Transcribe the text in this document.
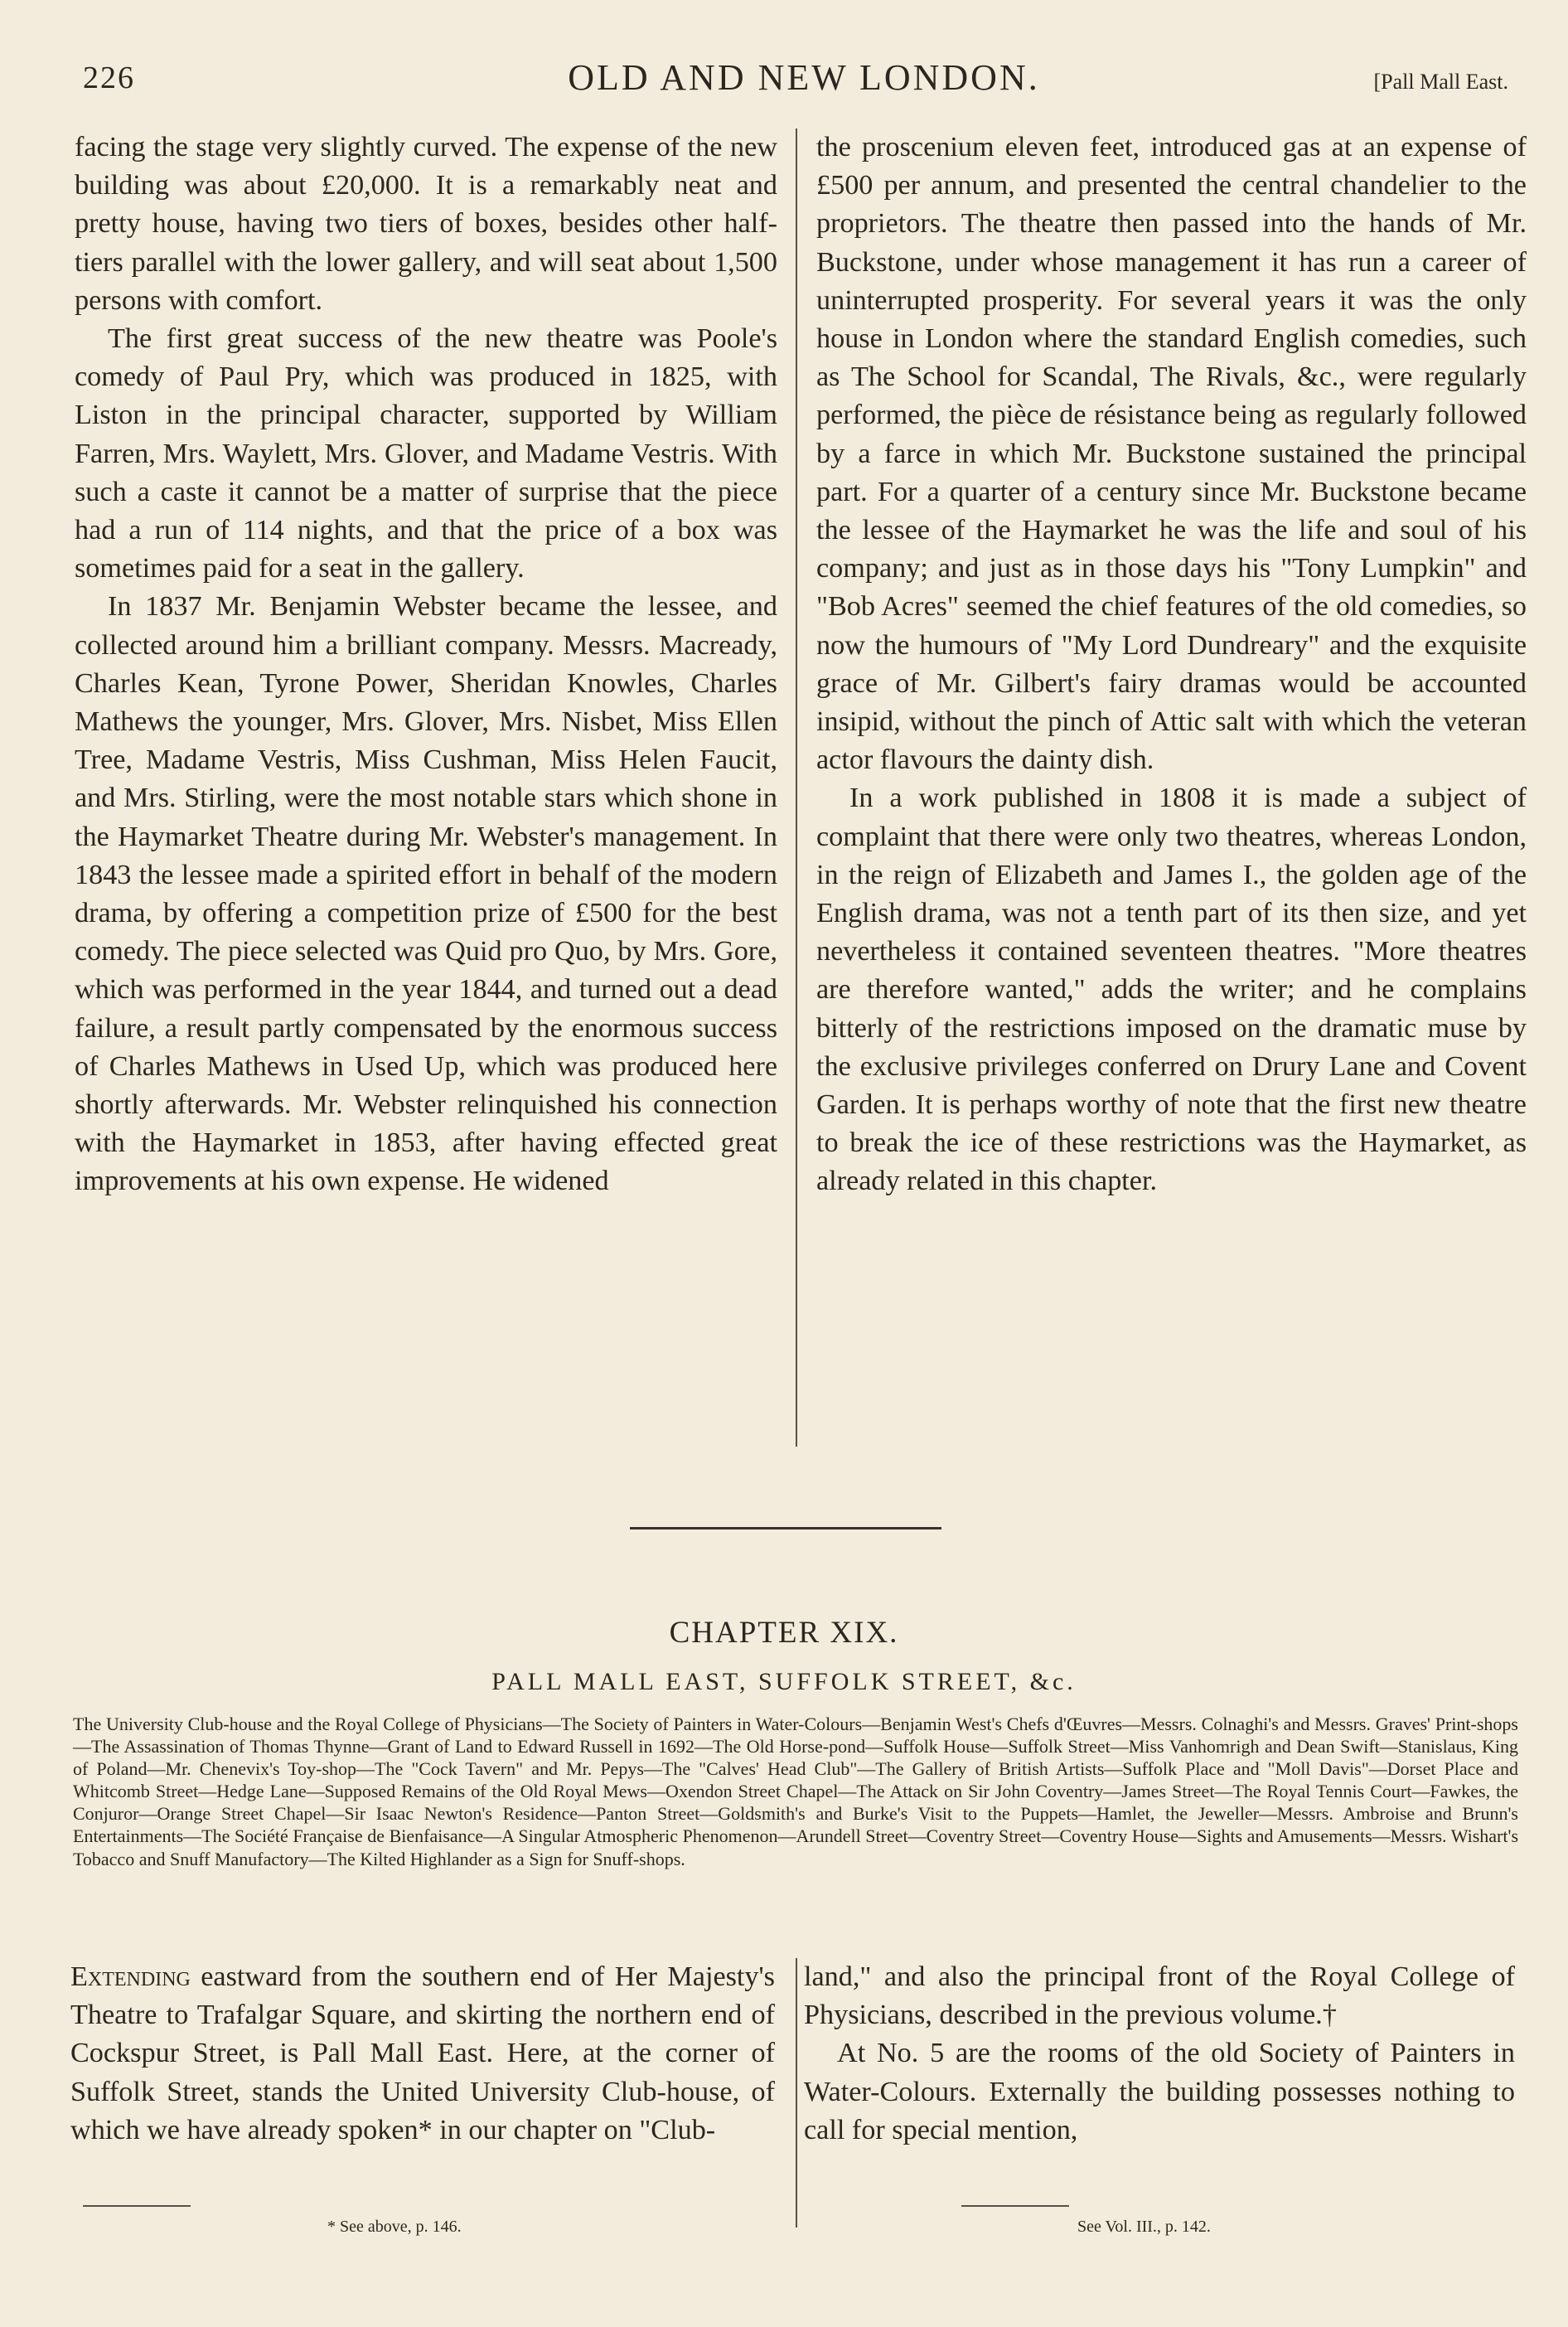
226	OLD AND NEW LONDON.	[Pall Mall East.

facing the stage very slightly curved. The expense of the new building was about £20,000. It is a remarkably neat and pretty house, having two tiers of boxes, besides other half-tiers parallel with the lower gallery, and will seat about 1,500 persons with comfort.

The first great success of the new theatre was Poole's comedy of Paul Pry, which was produced in 1825, with Liston in the principal character, supported by William Farren, Mrs. Waylett, Mrs. Glover, and Madame Vestris. With such a caste it cannot be a matter of surprise that the piece had a run of 114 nights, and that the price of a box was sometimes paid for a seat in the gallery.

In 1837 Mr. Benjamin Webster became the lessee, and collected around him a brilliant company. Messrs. Macready, Charles Kean, Tyrone Power, Sheridan Knowles, Charles Mathews the younger, Mrs. Glover, Mrs. Nisbet, Miss Ellen Tree, Madame Vestris, Miss Cushman, Miss Helen Faucit, and Mrs. Stirling, were the most notable stars which shone in the Haymarket Theatre during Mr. Webster's management. In 1843 the lessee made a spirited effort in behalf of the modern drama, by offering a competition prize of £500 for the best comedy. The piece selected was Quid pro Quo, by Mrs. Gore, which was performed in the year 1844, and turned out a dead failure, a result partly compensated by the enormous success of Charles Mathews in Used Up, which was produced here shortly afterwards. Mr. Webster relinquished his connection with the Haymarket in 1853, after having effected great improvements at his own expense. He widened

the proscenium eleven feet, introduced gas at an expense of £500 per annum, and presented the central chandelier to the proprietors. The theatre then passed into the hands of Mr. Buckstone, under whose management it has run a career of uninterrupted prosperity. For several years it was the only house in London where the standard English comedies, such as The School for Scandal, The Rivals, &c., were regularly performed, the pièce de résistance being as regularly followed by a farce in which Mr. Buckstone sustained the principal part. For a quarter of a century since Mr. Buckstone became the lessee of the Haymarket he was the life and soul of his company; and just as in those days his "Tony Lumpkin" and "Bob Acres" seemed the chief features of the old comedies, so now the humours of "My Lord Dundreary" and the exquisite grace of Mr. Gilbert's fairy dramas would be accounted insipid, without the pinch of Attic salt with which the veteran actor flavours the dainty dish.

In a work published in 1808 it is made a subject of complaint that there were only two theatres, whereas London, in the reign of Elizabeth and James I., the golden age of the English drama, was not a tenth part of its then size, and yet nevertheless it contained seventeen theatres. "More theatres are therefore wanted," adds the writer; and he complains bitterly of the restrictions imposed on the dramatic muse by the exclusive privileges conferred on Drury Lane and Covent Garden. It is perhaps worthy of note that the first new theatre to break the ice of these restrictions was the Haymarket, as already related in this chapter.

CHAPTER XIX.
PALL MALL EAST, SUFFOLK STREET, &c.
The University Club-house and the Royal College of Physicians—The Society of Painters in Water-Colours—Benjamin West's Chefs d'Œuvres—Messrs. Colnaghi's and Messrs. Graves' Print-shops—The Assassination of Thomas Thynne—Grant of Land to Edward Russell in 1692—The Old Horse-pond—Suffolk House—Suffolk Street—Miss Vanhomrigh and Dean Swift—Stanislaus, King of Poland—Mr. Chenevix's Toy-shop—The "Cock Tavern" and Mr. Pepys—The "Calves' Head Club"—The Gallery of British Artists—Suffolk Place and "Moll Davis"—Dorset Place and Whitcomb Street—Hedge Lane—Supposed Remains of the Old Royal Mews—Oxendon Street Chapel—The Attack on Sir John Coventry—James Street—The Royal Tennis Court—Fawkes, the Conjuror—Orange Street Chapel—Sir Isaac Newton's Residence—Panton Street—Goldsmith's and Burke's Visit to the Puppets—Hamlet, the Jeweller—Messrs. Ambroise and Brunn's Entertainments—The Société Française de Bienfaisance—A Singular Atmospheric Phenomenon—Arundell Street—Coventry Street—Coventry House—Sights and Amusements—Messrs. Wishart's Tobacco and Snuff Manufactory—The Kilted Highlander as a Sign for Snuff-shops.

Extending eastward from the southern end of Her Majesty's Theatre to Trafalgar Square, and skirting the northern end of Cockspur Street, is Pall Mall East. Here, at the corner of Suffolk Street, stands the United University Club-house, of which we have already spoken* in our chapter on "Club-

land," and also the principal front of the Royal College of Physicians, described in the previous volume.†

At No. 5 are the rooms of the old Society of Painters in Water-Colours. Externally the building possesses nothing to call for special mention,

* See above, p. 146.	See Vol. III., p. 142.
